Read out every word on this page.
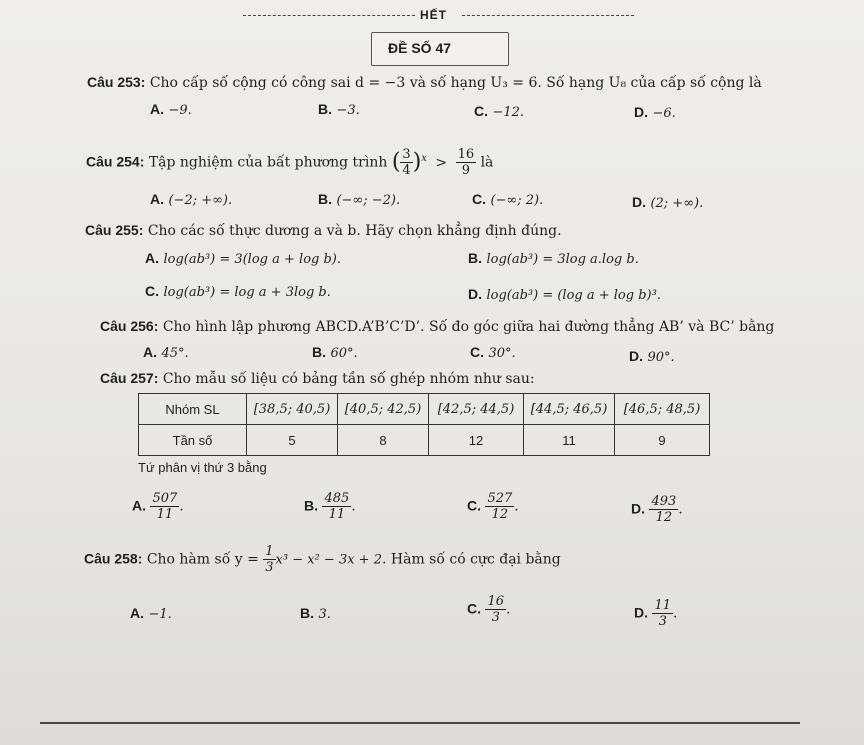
HẾT
ĐỀ SỐ 47
Câu 253: Cho cấp số cộng có công sai d = −3 và số hạng U₃ = 6. Số hạng U₈ của cấp số cộng là
A. −9.	B. −3.	C. −12.	D. −6.
Câu 254: Tập nghiệm của bất phương trình ( $\frac{3}{4} )^x > \frac{16}{9}$ là
A. (−2; +∞).	B. (−∞; −2).	C. (−∞; 2).	D. (2; +∞).
Câu 255: Cho các số thực dương a và b. Hãy chọn khẳng định đúng.
A. log(ab³) = 3(log a + log b).	B. log(ab³) = 3log a.log b.
C. log(ab³) = log a + 3log b.	D. log(ab³) = (log a + log b)³.
Câu 256: Cho hình lập phương ABCD.A’B’C’D’. Số đo góc giữa hai đường thẳng AB’ và BC’ bằng
A. 45°.	B. 60°.	C. 30°.	D. 90°.
Câu 257: Cho mẫu số liệu có bảng tần số ghép nhóm như sau:
Nhóm SL	[38,5; 40,5)	[40,5; 42,5)	[42,5; 44,5)	[44,5; 46,5)	[46,5; 48,5)
Tần số	5	8	12	11	9
Tứ phân vị thứ 3 bằng
A. $\frac{507}{11}$ .	B. $\frac{485}{11}$ .	C. $\frac{527}{12}$ .	D. $\frac{493}{12}$ .
Câu 258: Cho hàm số $y = \frac{1}{3} x^3 - x^2 - 3x + 2$. Hàm số có cực đại bằng
A. −1.	B. 3.	C. $\frac{16}{3}$ .	D. $\frac{11}{3}$ .
